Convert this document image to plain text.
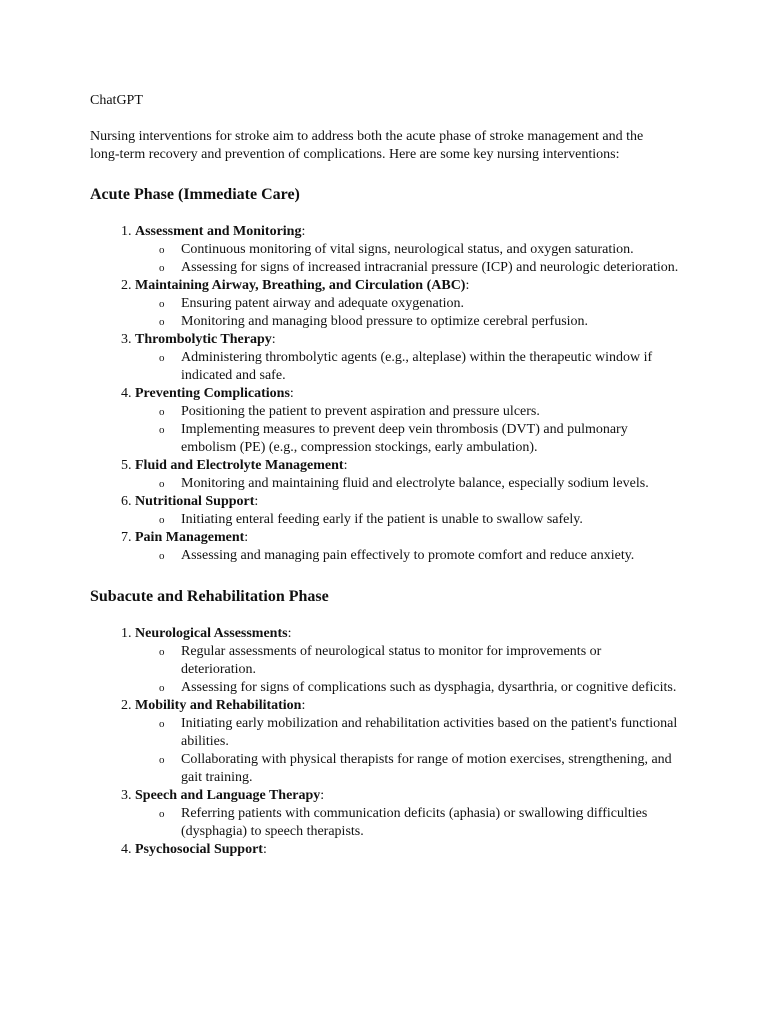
ChatGPT

Nursing interventions for stroke aim to address both the acute phase of stroke management and the long-term recovery and prevention of complications. Here are some key nursing interventions:

Acute Phase (Immediate Care)
1. Assessment and Monitoring:
o Continuous monitoring of vital signs, neurological status, and oxygen saturation.
o Assessing for signs of increased intracranial pressure (ICP) and neurologic deterioration.
2. Maintaining Airway, Breathing, and Circulation (ABC):
o Ensuring patent airway and adequate oxygenation.
o Monitoring and managing blood pressure to optimize cerebral perfusion.
3. Thrombolytic Therapy:
o Administering thrombolytic agents (e.g., alteplase) within the therapeutic window if indicated and safe.
4. Preventing Complications:
o Positioning the patient to prevent aspiration and pressure ulcers.
o Implementing measures to prevent deep vein thrombosis (DVT) and pulmonary embolism (PE) (e.g., compression stockings, early ambulation).
5. Fluid and Electrolyte Management:
o Monitoring and maintaining fluid and electrolyte balance, especially sodium levels.
6. Nutritional Support:
o Initiating enteral feeding early if the patient is unable to swallow safely.
7. Pain Management:
o Assessing and managing pain effectively to promote comfort and reduce anxiety.
Subacute and Rehabilitation Phase
1. Neurological Assessments:
o Regular assessments of neurological status to monitor for improvements or deterioration.
o Assessing for signs of complications such as dysphagia, dysarthria, or cognitive deficits.
2. Mobility and Rehabilitation:
o Initiating early mobilization and rehabilitation activities based on the patient's functional abilities.
o Collaborating with physical therapists for range of motion exercises, strengthening, and gait training.
3. Speech and Language Therapy:
o Referring patients with communication deficits (aphasia) or swallowing difficulties (dysphagia) to speech therapists.
4. Psychosocial Support:
